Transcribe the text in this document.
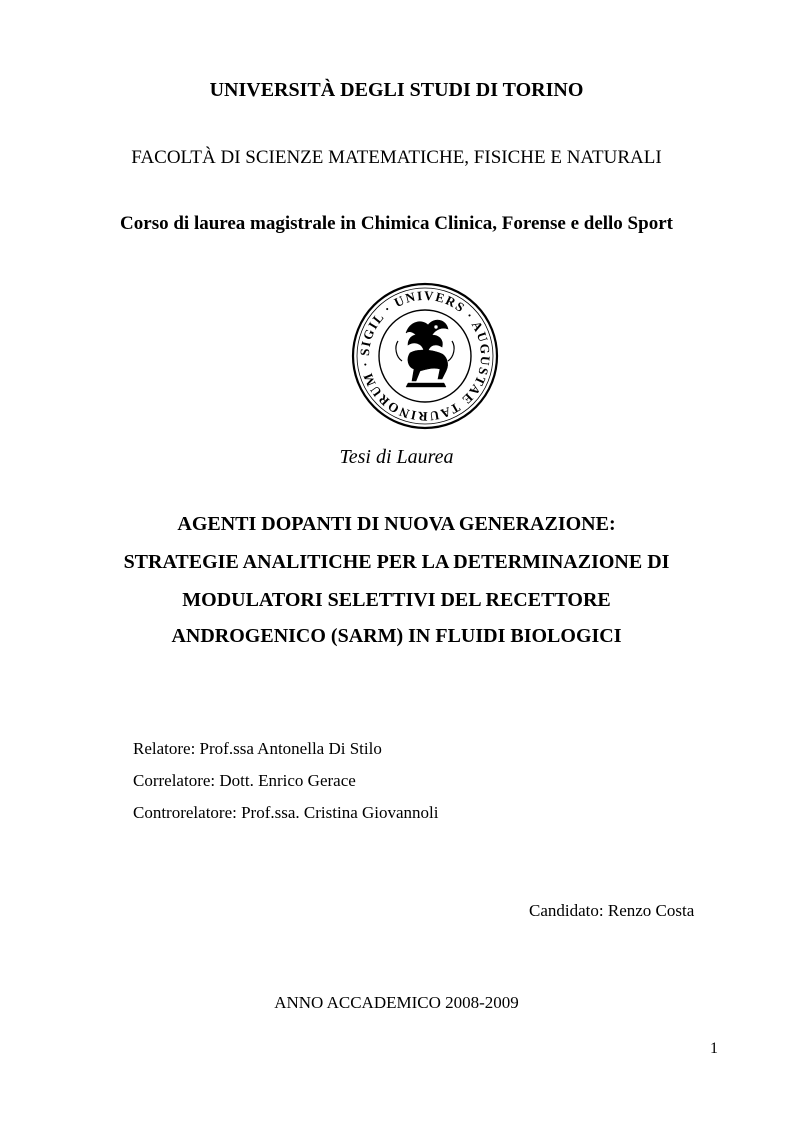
UNIVERSITÀ DEGLI STUDI DI TORINO
FACOLTÀ DI SCIENZE MATEMATICHE, FISICHE E NATURALI
Corso di laurea magistrale in Chimica Clinica, Forense e dello Sport
SIGIL · UNIVERS · AUGUSTAE TAURINORUM ·
Tesi di Laurea
AGENTI DOPANTI DI NUOVA GENERAZIONE:
STRATEGIE ANALITICHE PER LA DETERMINAZIONE DI
MODULATORI SELETTIVI DEL RECETTORE
ANDROGENICO (SARM) IN FLUIDI BIOLOGICI
Relatore: Prof.ssa Antonella Di Stilo
Correlatore: Dott. Enrico Gerace
Controrelatore: Prof.ssa. Cristina Giovannoli
Candidato: Renzo Costa
ANNO ACCADEMICO 2008-2009
1
